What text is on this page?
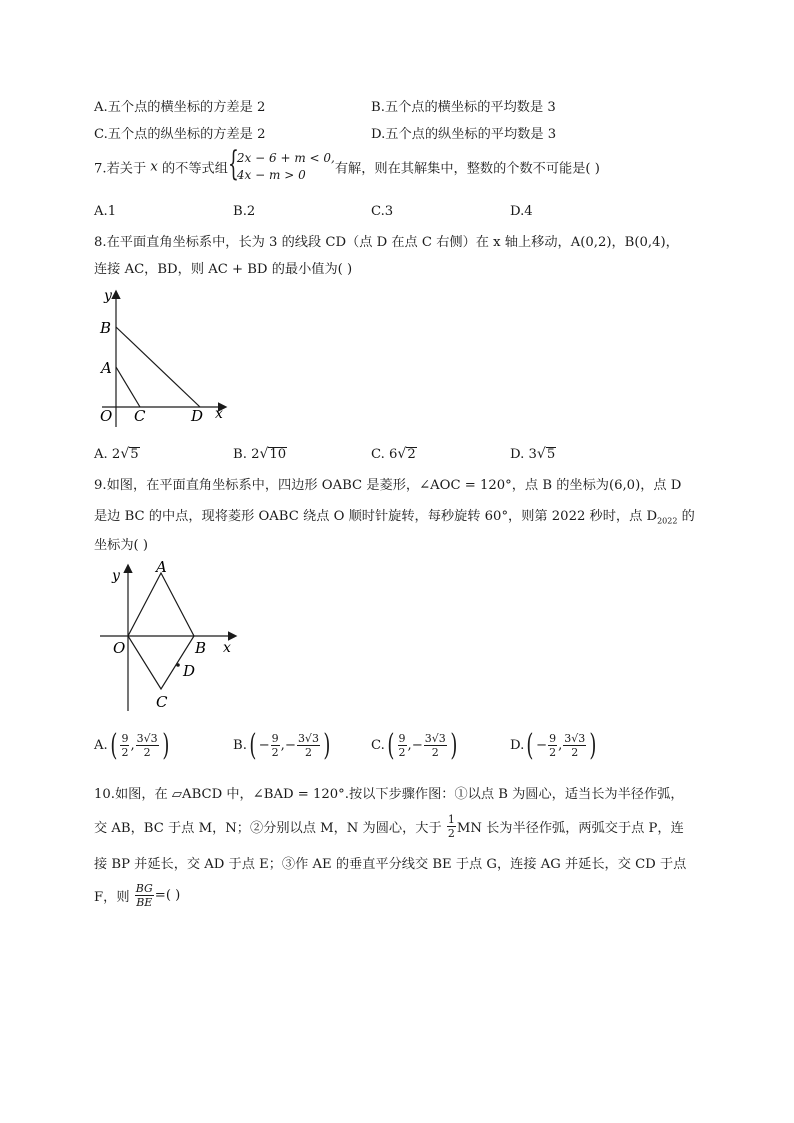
A.五个点的横坐标的方差是 2	B.五个点的横坐标的平均数是 3
C.五个点的纵坐标的方差是 2	D.五个点的纵坐标的平均数是 3
7.若关于 x 的不等式组 {
2x − 6 + m < 0,
4x − m > 0	有解，则在其解集中，整数的个数不可能是( )
A.1	B.2	C.3	D.4
8.在平面直角坐标系中，长为 3 的线段 CD（点 D 在点 C 右侧）在 x 轴上移动，A(0,2)，B(0,4)，
连接 AC，BD，则 AC + BD 的最小值为( )
y
B
A
O C	D x
A. 2√5	B. 2√10	C. 6√2	D. 3√5
9.如图，在平面直角坐标系中，四边形 OABC 是菱形，∠AOC = 120°，点 B 的坐标为(6,0)，点 D
是边 BC 的中点，现将菱形 OABC 绕点 O 顺时针旋转，每秒旋转 60°，则第 2022 秒时，点 $D_{2022}$ 的
坐标为( )
y A
O	B x
D
C
$A.( \frac{9}{2}$ , $\frac{3√3}{2}$ )	$B.( - \frac{9}{2}$ ,− $\frac{3√3}{2}$ )	$C.( \frac{9}{2}$ ,− $\frac{3√3}{2}$ )	$D.( - \frac{9}{2}$ , $\frac{3√3}{2}$ )
10.如图，在 ▱ABCD 中，∠BAD = 120°.按以下步骤作图：①以点 B 为圆心，适当长为半径作弧，
交 AB，BC 于点 M，N；②分别以点 M，N 为圆心，大于 $\frac{1}{2}$ MN 长为半径作弧，两弧交于点 P，连
接 BP 并延长，交 AD 于点 E；③作 AE 的垂直平分线交 BE 于点 G，连接 AG 并延长，交 CD 于点
F，则 $\frac{BG}{BE}$ =( )
